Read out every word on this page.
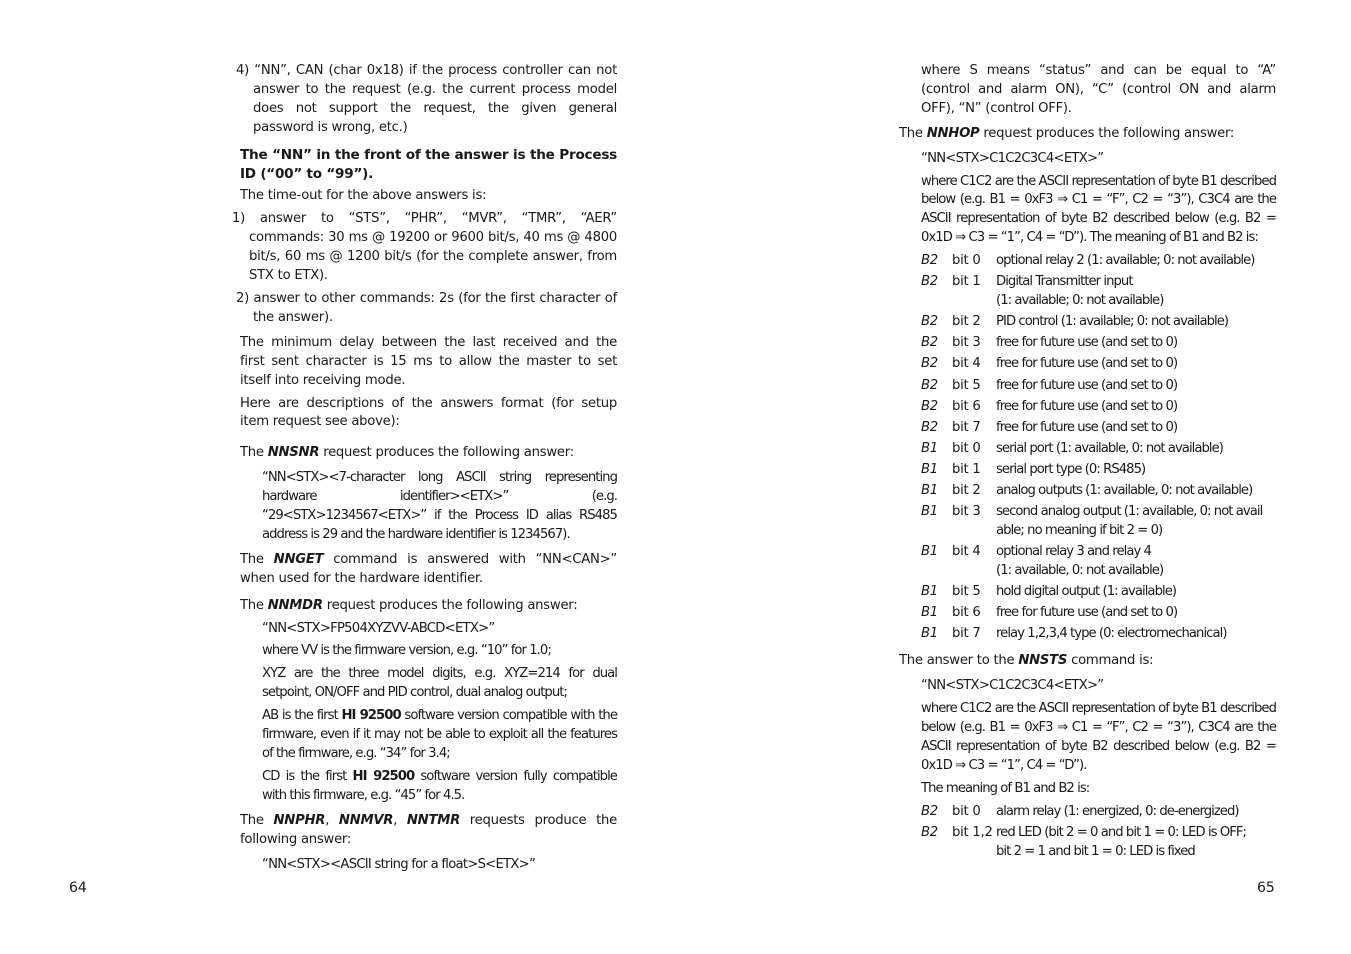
4) “NN”, CAN (char 0x18) if the process controller can not answer to the request (e.g. the current process model does not support the request, the given general password is wrong, etc.)

The “NN” in the front of the answer is the Process ID (“00” to “99”).

The time-out for the above answers is:

1) answer to “STS”, “PHR”, “MVR”, “TMR”, “AER” commands: 30 ms @ 19200 or 9600 bit/s, 40 ms @ 4800 bit/s, 60 ms @ 1200 bit/s (for the complete answer, from STX to ETX).

2) answer to other commands: 2s (for the first character of the answer).

The minimum delay between the last received and the first sent character is 15 ms to allow the master to set itself into receiving mode.

Here are descriptions of the answers format (for setup item request see above):

The NNSNR request produces the following answer:

“NN<STX><7-character long ASCII string representing hardware identifier><ETX>” (e.g. “29<STX>1234567<ETX>” if the Process ID alias RS485 address is 29 and the hardware identifier is 1234567).

The NNGET command is answered with “NN<CAN>” when used for the hardware identifier.

The NNMDR request produces the following answer:

“NN<STX>FP504XYZVV-ABCD<ETX>”

where VV is the firmware version, e.g. “10” for 1.0;

XYZ are the three model digits, e.g. XYZ=214 for dual setpoint, ON/OFF and PID control, dual analog output;

AB is the first HI 92500 software version compatible with the firmware, even if it may not be able to exploit all the features of the firmware, e.g. “34” for 3.4;

CD is the first HI 92500 software version fully compatible with this firmware, e.g. “45” for 4.5.

The NNPHR, NNMVR, NNTMR requests produce the following answer:

“NN<STX><ASCII string for a float>S<ETX>”

64

where S means “status” and can be equal to “A” (control and alarm ON), “C” (control ON and alarm OFF), “N” (control OFF).

The NNHOP request produces the following answer:

“NN<STX>C1C2C3C4<ETX>”

where C1C2 are the ASCII representation of byte B1 described below (e.g. B1 = 0xF3 ⇒ C1 = “F”, C2 = “3”), C3C4 are the ASCII representation of byte B2 described below (e.g. B2 = 0x1D ⇒ C3 = “1”, C4 = “D”). The meaning of B1 and B2 is:

B2	bit 0	optional relay 2 (1: available; 0: not available)
B2	bit 1	Digital Transmitter input
(1: available; 0: not available)
B2	bit 2	PID control (1: available; 0: not available)
B2	bit 3	free for future use (and set to 0)
B2	bit 4	free for future use (and set to 0)
B2	bit 5	free for future use (and set to 0)
B2	bit 6	free for future use (and set to 0)
B2	bit 7	free for future use (and set to 0)
B1	bit 0	serial port (1: available, 0: not available)
B1	bit 1	serial port type (0: RS485)
B1	bit 2	analog outputs (1: available, 0: not available)
B1	bit 3	second analog output (1: available, 0: not avail able; no meaning if bit 2 = 0)
B1	bit 4	optional relay 3 and relay 4
(1: available, 0: not available)
B1	bit 5	hold digital output (1: available)
B1	bit 6	free for future use (and set to 0)
B1	bit 7	relay 1,2,3,4 type (0: electromechanical)

The answer to the NNSTS command is:

“NN<STX>C1C2C3C4<ETX>”

where C1C2 are the ASCII representation of byte B1 described below (e.g. B1 = 0xF3 ⇒ C1 = “F”, C2 = “3”), C3C4 are the ASCII representation of byte B2 described below (e.g. B2 = 0x1D ⇒ C3 = “1”, C4 = “D”).

The meaning of B1 and B2 is:

B2	bit 0	alarm relay (1: energized, 0: de-energized)
B2	bit 1,2 red LED (bit 2 = 0 and bit 1 = 0: LED is OFF;
bit 2 = 1 and bit 1 = 0: LED is fixed
65
